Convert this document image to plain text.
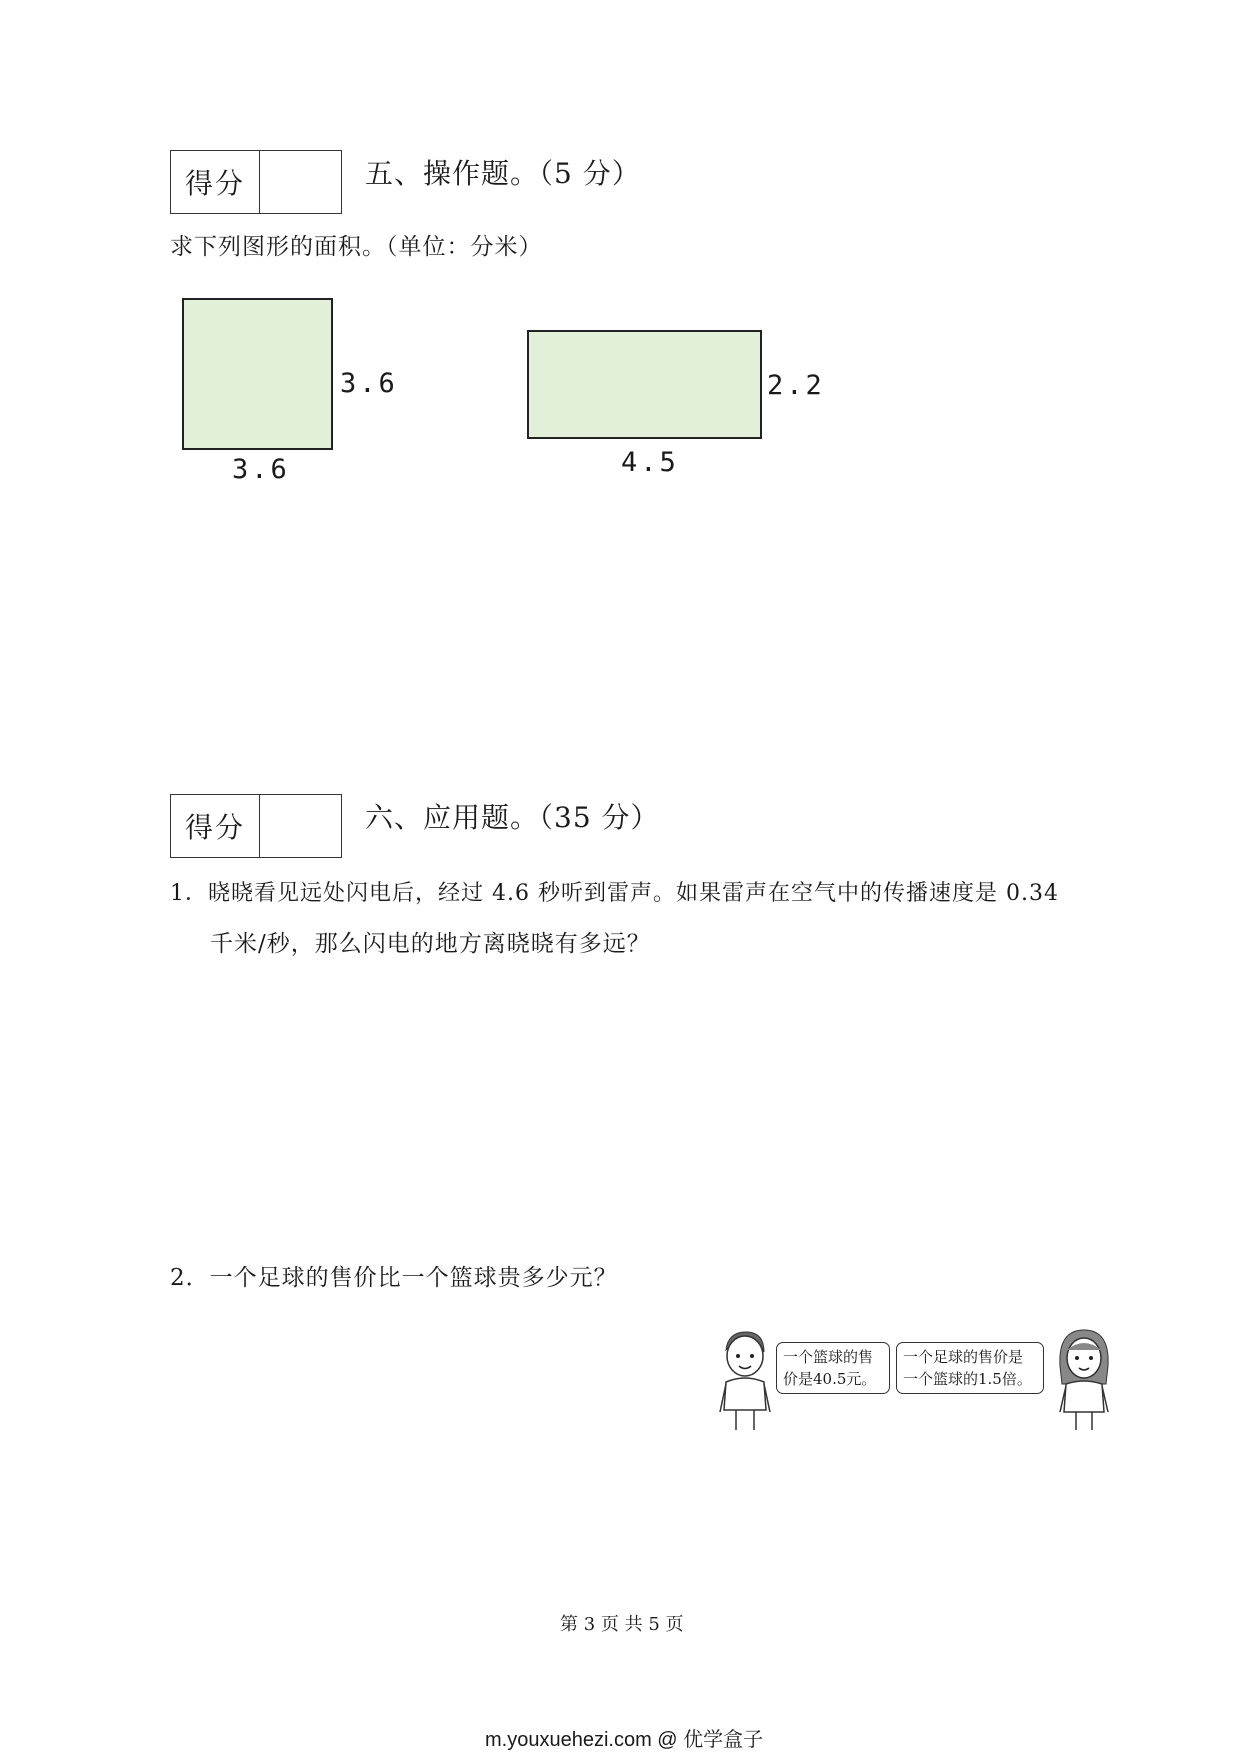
得分	五、操作题。（5 分）
求下列图形的面积。（单位：分米）
3.6
3.6
2.2
4.5
得分	六、应用题。（35 分）
1．晓晓看见远处闪电后，经过 4.6 秒听到雷声。如果雷声在空气中的传播速度是 0.34
千米/秒，那么闪电的地方离晓晓有多远？
2．一个足球的售价比一个篮球贵多少元？
一个篮球的售
价是40.5元。
一个足球的售价是
一个篮球的1.5倍。
第 3 页 共 5 页
m.youxuehezi.com @ 优学盒子
